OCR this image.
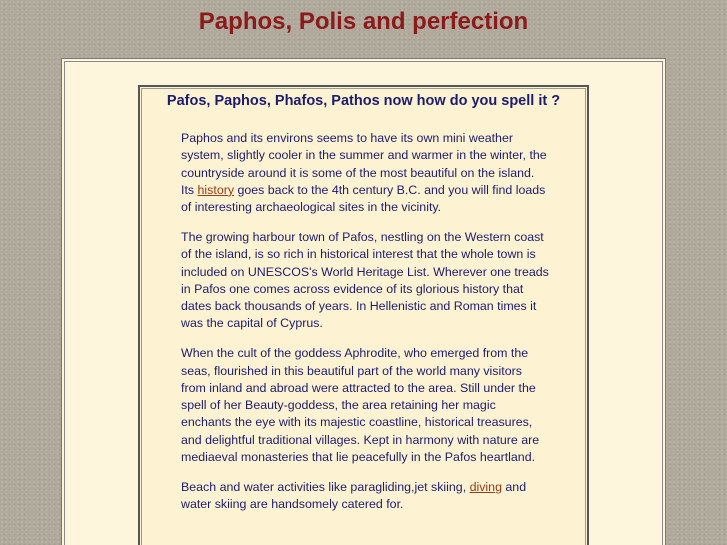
Paphos, Polis and perfection
Pafos, Paphos, Phafos, Pathos now how do you spell it ?

Paphos and its environs seems to have its own mini weather system, slightly cooler in the summer and warmer in the winter, the countryside around it is some of the most beautiful on the island. Its history goes back to the 4th century B.C. and you will find loads of interesting archaeological sites in the vicinity.

The growing harbour town of Pafos, nestling on the Western coast of the island, is so rich in historical interest that the whole town is included on UNESCOS's World Heritage List. Wherever one treads in Pafos one comes across evidence of its glorious history that dates back thousands of years. In Hellenistic and Roman times it was the capital of Cyprus.

When the cult of the goddess Aphrodite, who emerged from the seas, flourished in this beautiful part of the world many visitors from inland and abroad were attracted to the area. Still under the spell of her Beauty-goddess, the area retaining her magic enchants the eye with its majestic coastline, historical treasures, and delightful traditional villages. Kept in harmony with nature are mediaeval monasteries that lie peacefully in the Pafos heartland.

Beach and water activities like paragliding,jet skiing, diving and water skiing are handsomely catered for.
